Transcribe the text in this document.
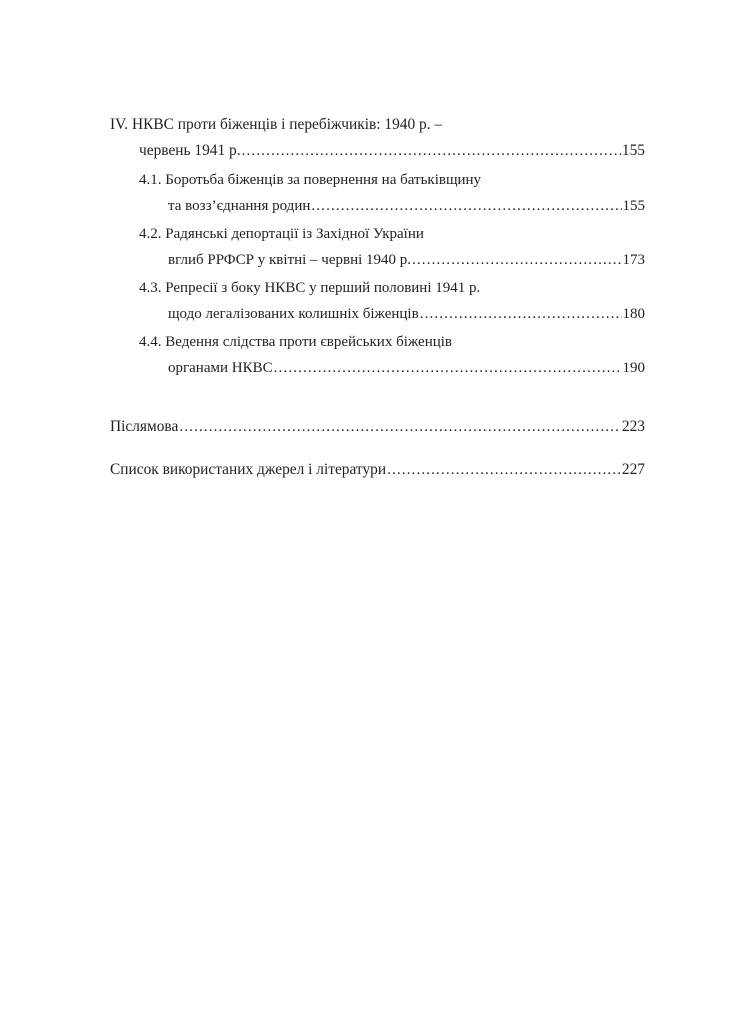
IV. НКВС проти біженців і перебіжчиків: 1940 р. –
червень 1941 р. .....	155
4.1. Боротьба біженців за повернення на батьківщину
та возз’єднання родин .....	155
4.2. Радянські депортації із Західної України
вглиб РРФСР у квітні – червні 1940 р. .....	173
4.3. Репресії з боку НКВС у перший половині 1941 р.
щодо легалізованих колишніх біженців .....	180
4.4. Ведення слідства проти єврейських біженців
органами НКВС .....	190
Післямова .....	223
Список використаних джерел і літератури .....	227
